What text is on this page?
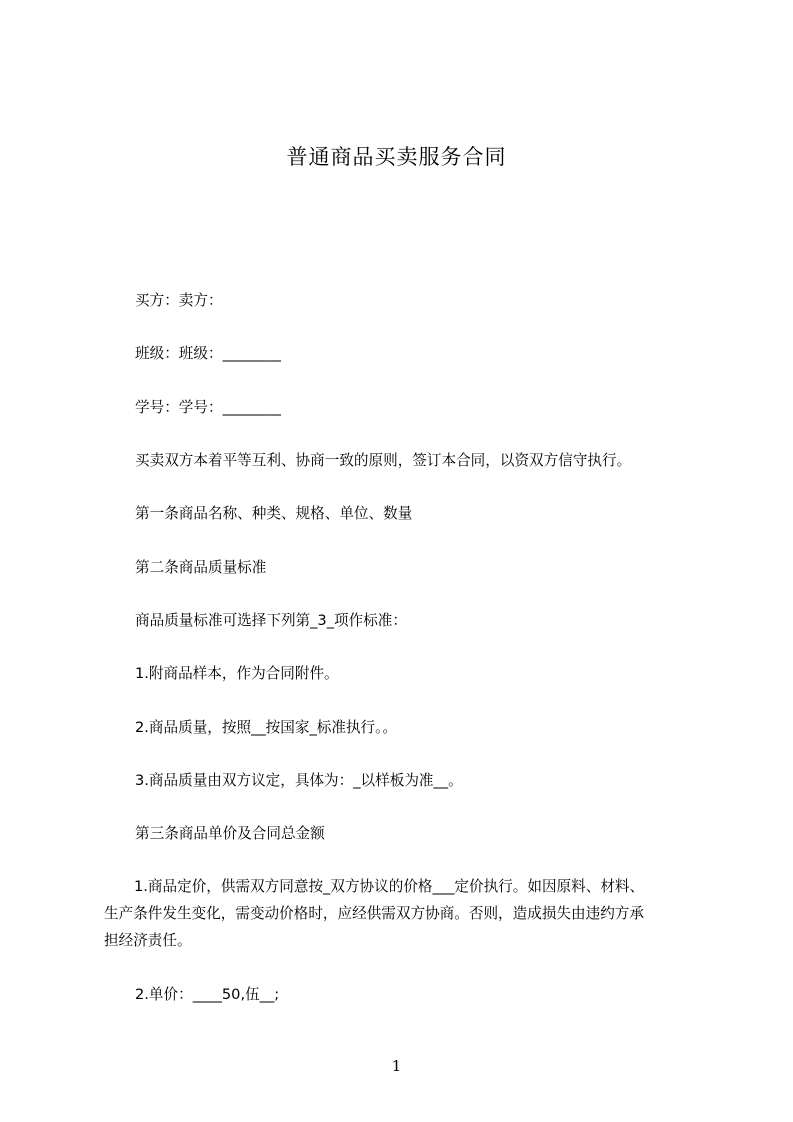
普通商品买卖服务合同
买方：卖方：
班级：班级：________
学号：学号：________
买卖双方本着平等互利、协商一致的原则，签订本合同，以资双方信守执行。
第一条商品名称、种类、规格、单位、数量
第二条商品质量标准
商品质量标准可选择下列第_3_项作标准：
1.附商品样本，作为合同附件。
2.商品质量，按照__按国家_标准执行。。
3.商品质量由双方议定，具体为：_以样板为准__。
第三条商品单价及合同总金额
1.商品定价，供需双方同意按_双方协议的价格___定价执行。如因原料、材料、
生产条件发生变化，需变动价格时，应经供需双方协商。否则，造成损失由违约方承
担经济责任。
2.单价：____50,伍__;
1
